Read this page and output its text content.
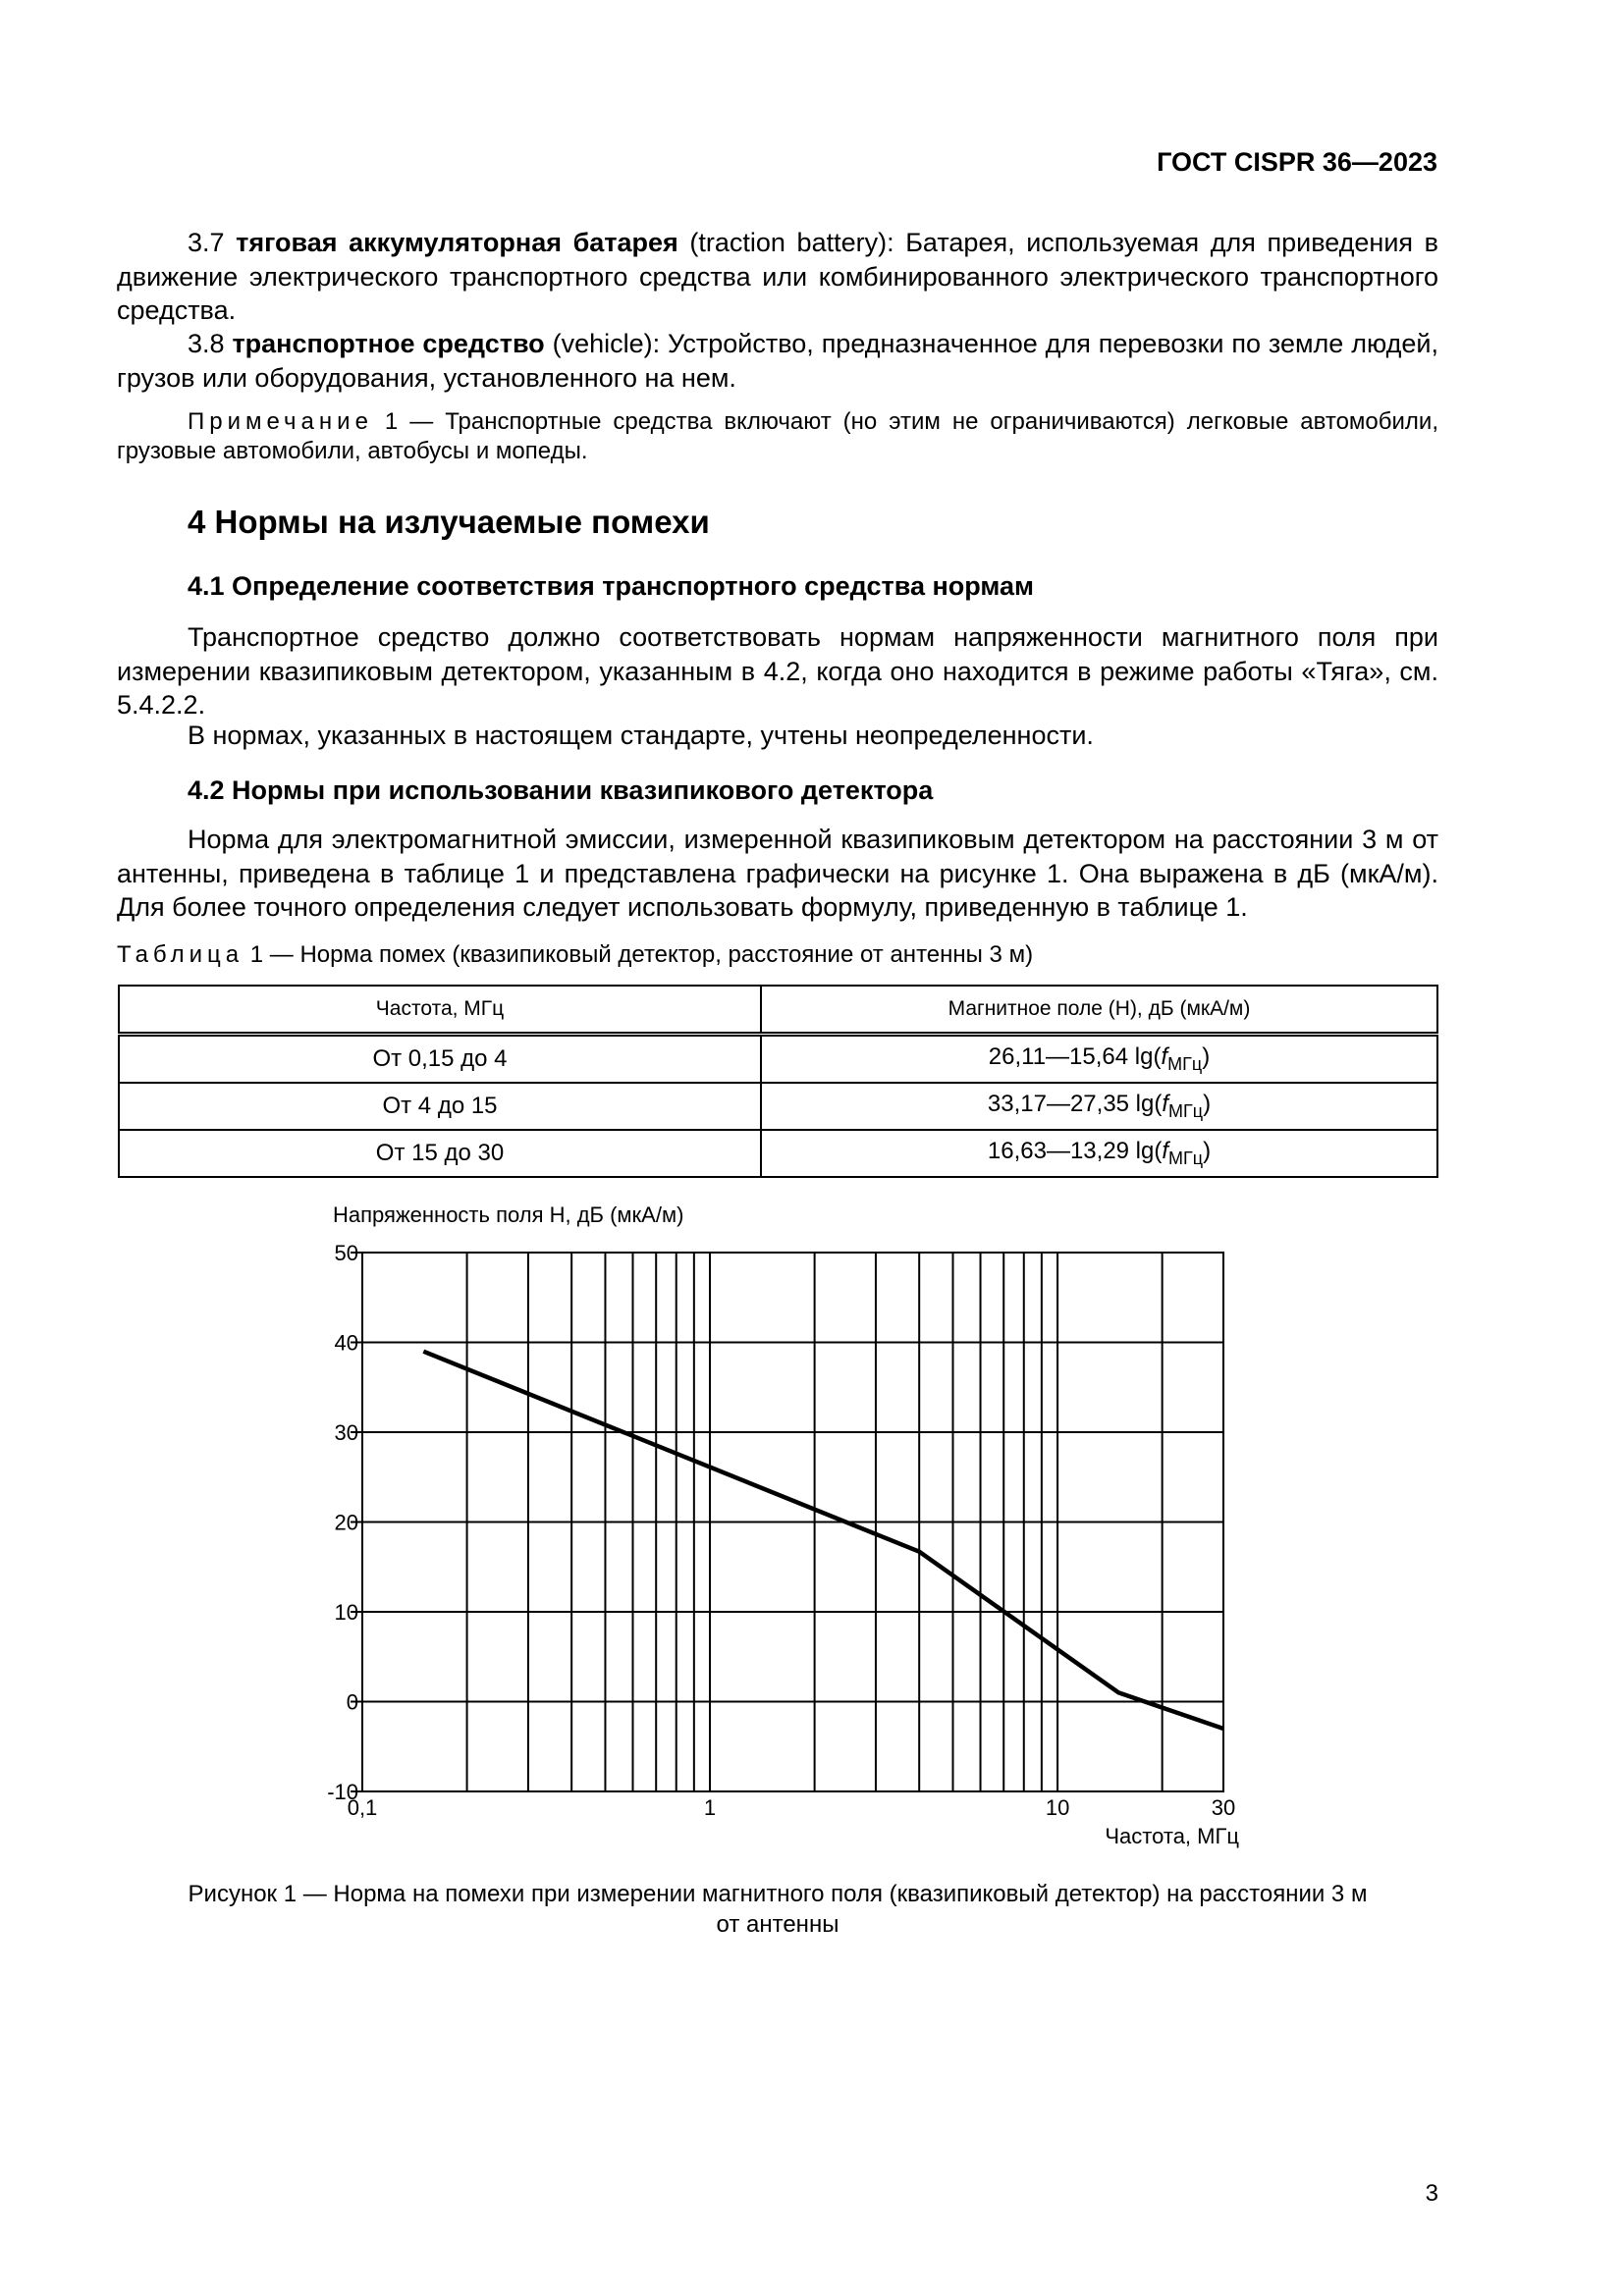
ГОСТ CISPR 36—2023
3.7 тяговая аккумуляторная батарея (traction battery): Батарея, используемая для приведения в движение электрического транспортного средства или комбинированного электрического транспортного средства.
3.8 транспортное средство (vehicle): Устройство, предназначенное для перевозки по земле людей, грузов или оборудования, установленного на нем.
Примечание 1 — Транспортные средства включают (но этим не ограничиваются) легковые автомобили, грузовые автомобили, автобусы и мопеды.
4 Нормы на излучаемые помехи
4.1 Определение соответствия транспортного средства нормам
Транспортное средство должно соответствовать нормам напряженности магнитного поля при измерении квазипиковым детектором, указанным в 4.2, когда оно находится в режиме работы «Тяга», см. 5.4.2.2.
В нормах, указанных в настоящем стандарте, учтены неопределенности.
4.2 Нормы при использовании квазипикового детектора
Норма для электромагнитной эмиссии, измеренной квазипиковым детектором на расстоянии 3 м от антенны, приведена в таблице 1 и представлена графически на рисунке 1. Она выражена в дБ (мкА/м). Для более точного определения следует использовать формулу, приведенную в таблице 1.
Таблица 1 — Норма помех (квазипиковый детектор, расстояние от антенны 3 м)
Частота, МГц	Магнитное поле (Н), дБ (мкА/м)
От 0,15 до 4	26,11—15,64 $\lg(f_{МГц})$
От 4 до 15	33,17—27,35 $\lg(f_{МГц})$
От 15 до 30	16,63—13,29 $\lg(f_{МГц})$
Напряженность поля Н, дБ (мкА/м)
50
40
30
20
10
0
-10
0,1	1	10	30
Частота, МГц
Рисунок 1 — Норма на помехи при измерении магнитного поля (квазипиковый детектор) на расстоянии 3 м
от антенны
3
